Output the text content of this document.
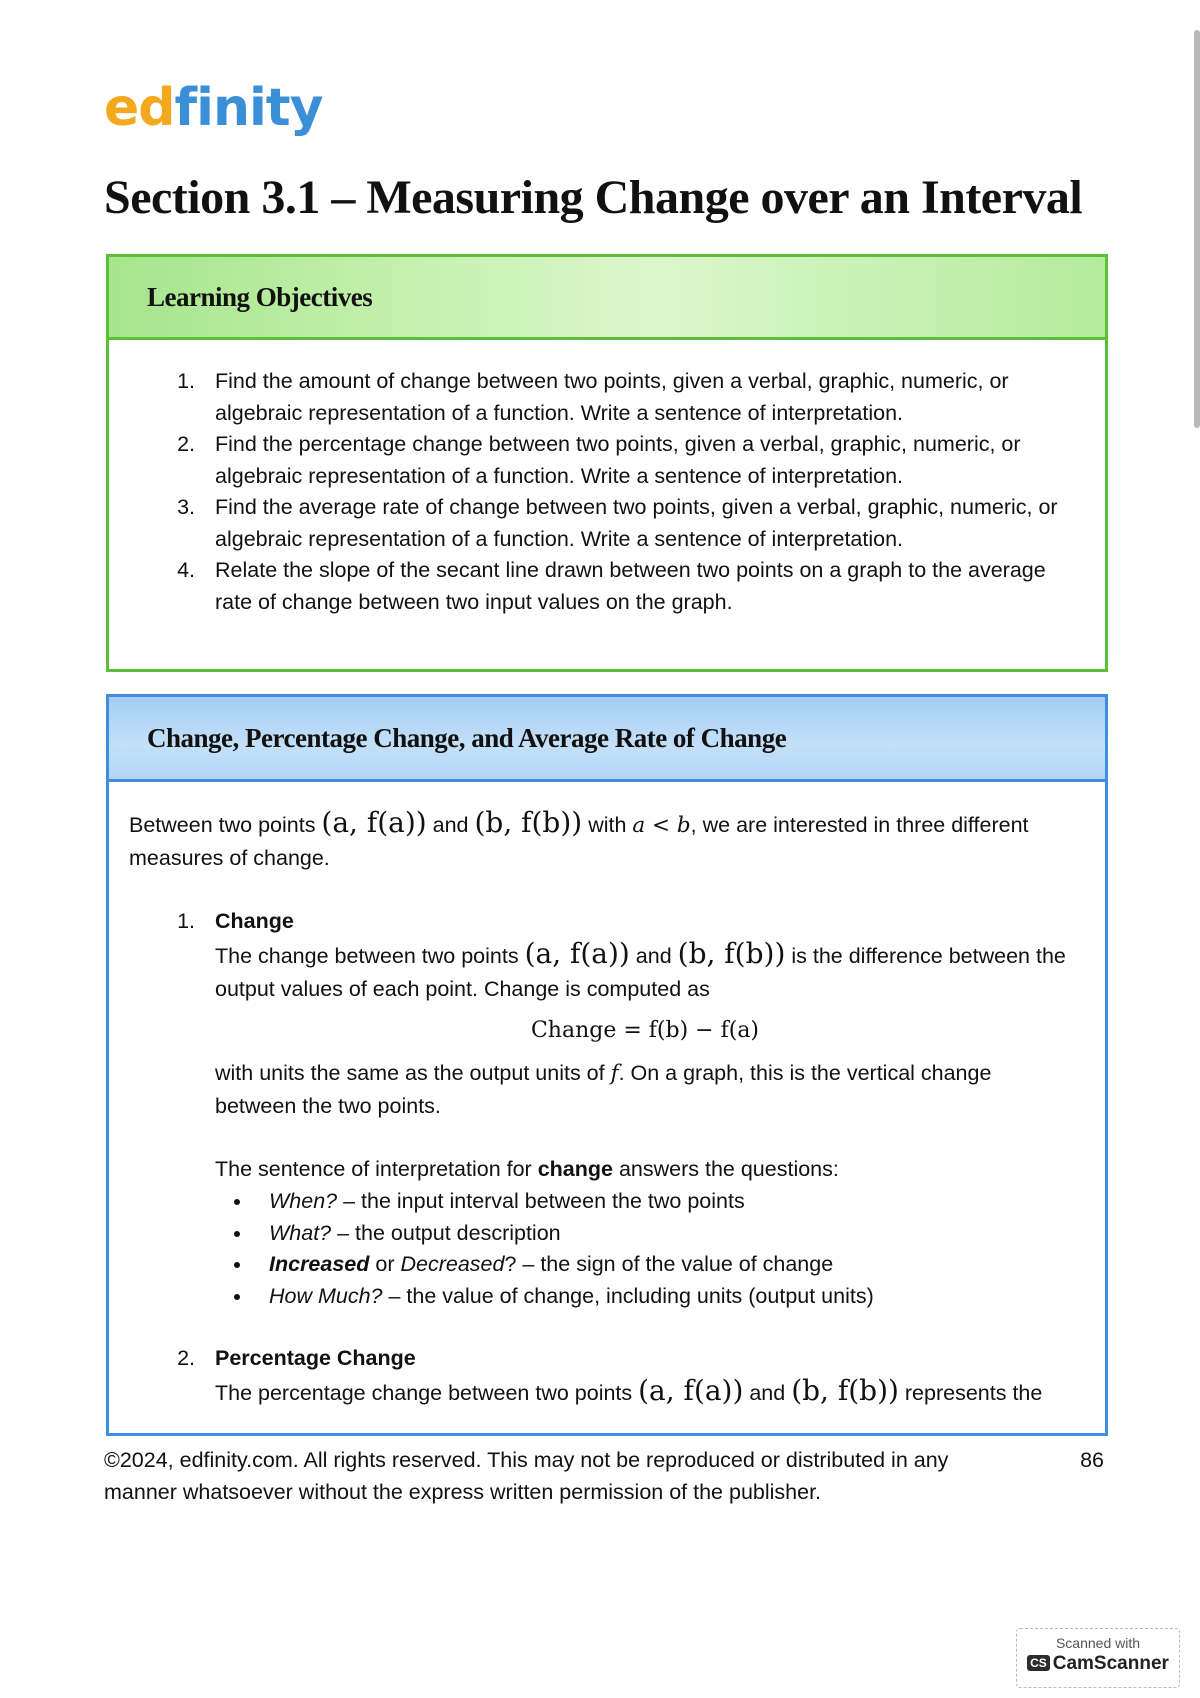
edfinity
Section 3.1 – Measuring Change over an Interval
Learning Objectives
1. Find the amount of change between two points, given a verbal, graphic, numeric, or algebraic representation of a function. Write a sentence of interpretation.
2. Find the percentage change between two points, given a verbal, graphic, numeric, or algebraic representation of a function. Write a sentence of interpretation.
3. Find the average rate of change between two points, given a verbal, graphic, numeric, or algebraic representation of a function. Write a sentence of interpretation.
4. Relate the slope of the secant line drawn between two points on a graph to the average rate of change between two input values on the graph.
Change, Percentage Change, and Average Rate of Change

Between two points (a, f(a)) and (b, f(b)) with a < b, we are interested in three different measures of change.

1. Change

The change between two points (a, f(a)) and (b, f(b)) is the difference between the output values of each point. Change is computed as

Change = f(b) − f(a)

with units the same as the output units of f. On a graph, this is the vertical change between the two points.

The sentence of interpretation for change answers the questions:

• When? – the input interval between the two points
• What? – the output description
• Increased or Decreased? – the sign of the value of change
• How Much? – the value of change, including units (output units)
2. Percentage Change

The percentage change between two points (a, f(a)) and (b, f(b)) represents the

©2024, edfinity.com. All rights reserved. This may not be reproduced or distributed in any manner whatsoever without the express written permission of the publisher.
86
Scanned with
CS CamScanner
